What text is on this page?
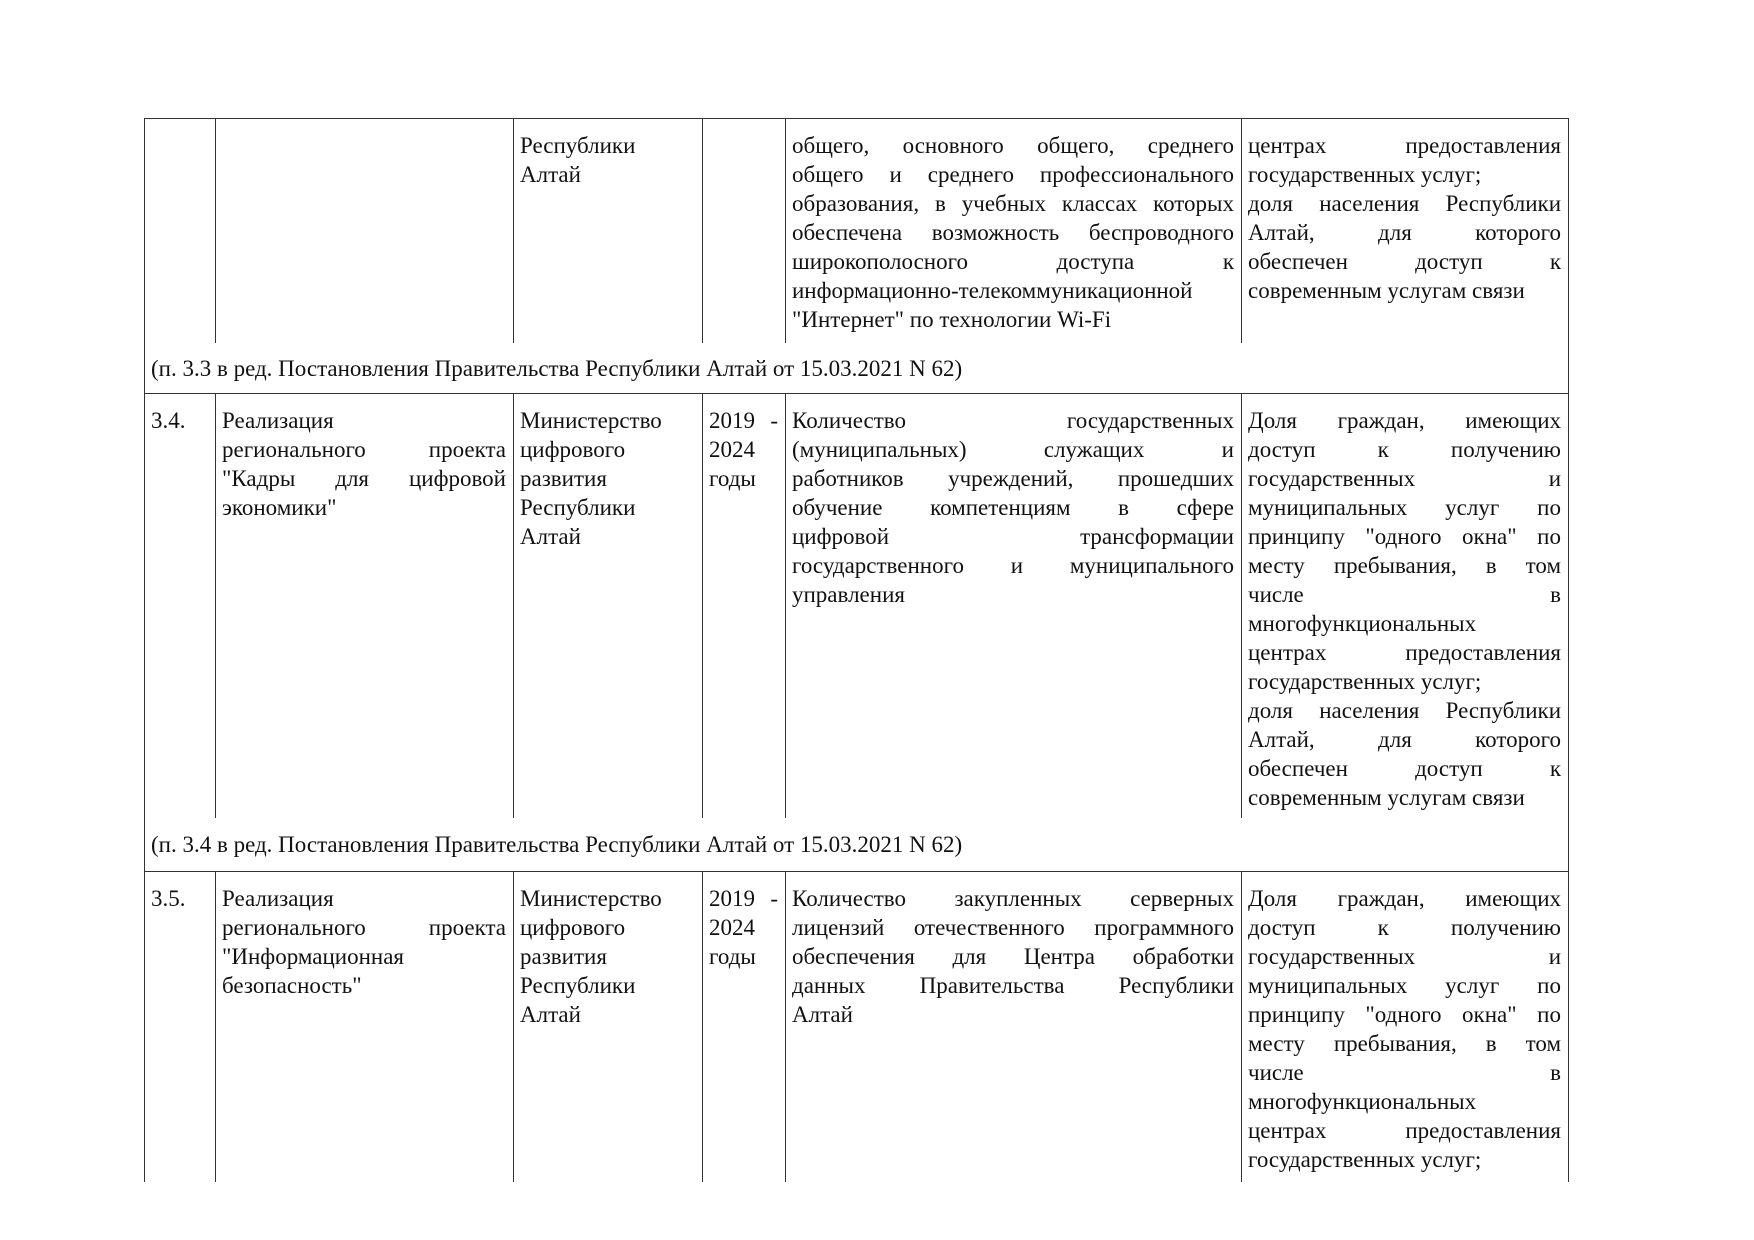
(п. 3.3 в ред. Постановления Правительства Республики Алтай от 15.03.2021 N 62)
(п. 3.4 в ред. Постановления Правительства Республики Алтай от 15.03.2021 N 62)
Республики
Алтай
общего, основного общего, среднего
общего и среднего профессионального
образования, в учебных классах которых
обеспечена возможность беспроводного
широкополосного доступа к
информационно-телекоммуникационной
"Интернет" по технологии Wi-Fi
центрах предоставления
государственных услуг;
доля населения Республики
Алтай, для которого
обеспечен доступ к
современным услугам связи
3.4.	Реализация
регионального проекта
"Кадры для цифровой
экономики"
Министерство
цифрового
развития
Республики
Алтай
2019 -
2024
годы
Количество государственных
(муниципальных) служащих и
работников учреждений, прошедших
обучение компетенциям в сфере
цифровой трансформации
государственного и муниципального
управления
Доля граждан, имеющих
доступ к получению
государственных и
муниципальных услуг по
принципу "одного окна" по
месту пребывания, в том
числе в
многофункциональных
центрах предоставления
государственных услуг;
доля населения Республики
Алтай, для которого
обеспечен доступ к
современным услугам связи
3.5.	Реализация
регионального проекта
"Информационная
безопасность"
Министерство
цифрового
развития
Республики
Алтай
2019 -
2024
годы
Количество закупленных серверных
лицензий отечественного программного
обеспечения для Центра обработки
данных Правительства Республики
Алтай
Доля граждан, имеющих
доступ к получению
государственных и
муниципальных услуг по
принципу "одного окна" по
месту пребывания, в том
числе в
многофункциональных
центрах предоставления
государственных услуг;
